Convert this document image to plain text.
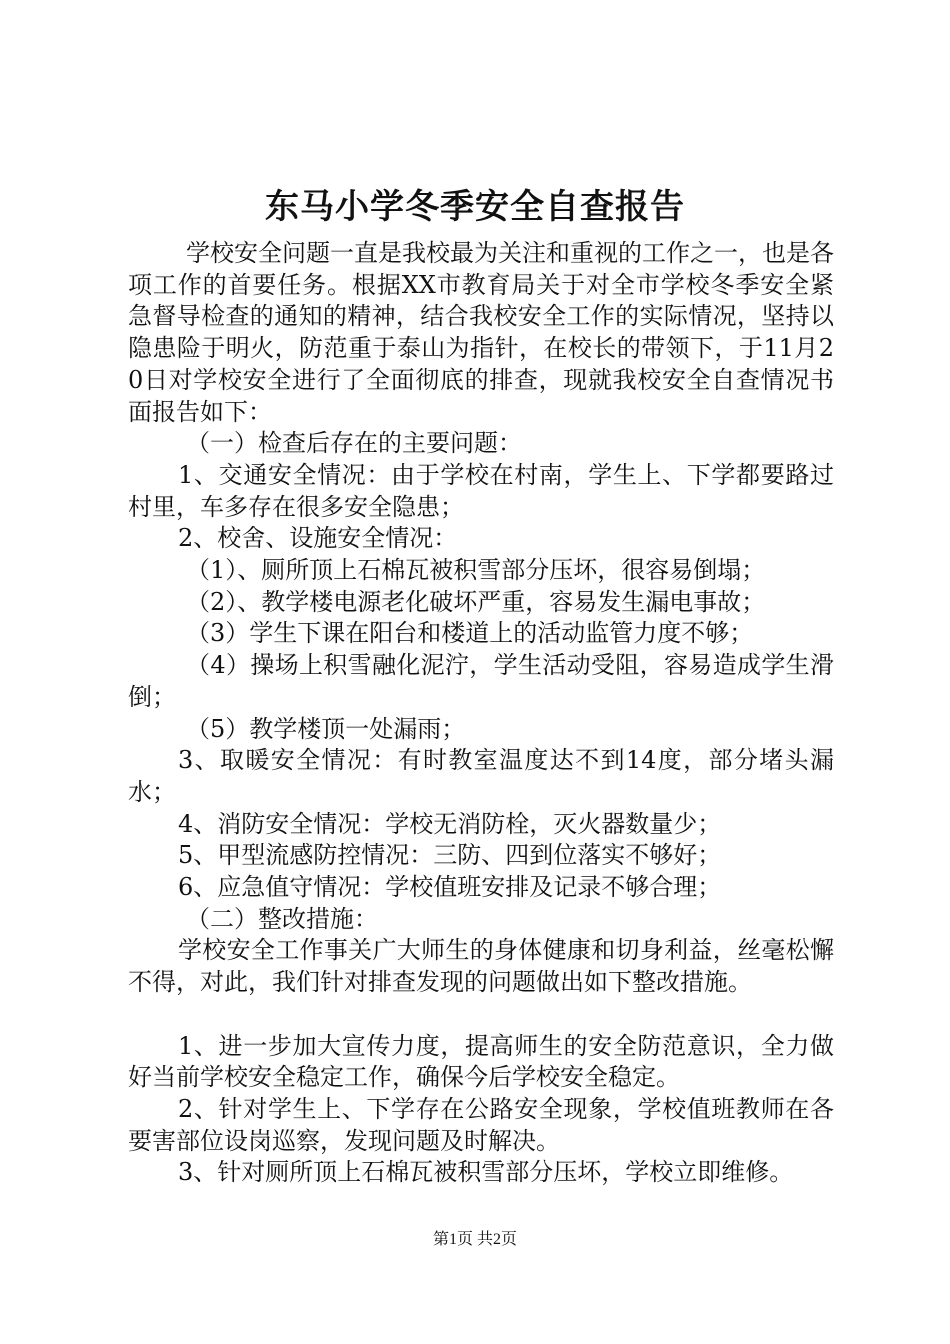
东马小学冬季安全自查报告

学校安全问题一直是我校最为关注和重视的工作之一，也是各项工作的首要任务。根据XX市教育局关于对全市学校冬季安全紧急督导检查的通知的精神，结合我校安全工作的实际情况，坚持以隐患险于明火，防范重于泰山为指针，在校长的带领下，于11月20日对学校安全进行了全面彻底的排查，现就我校安全自查情况书面报告如下：

（一）检查后存在的主要问题：

1、交通安全情况：由于学校在村南，学生上、下学都要路过村里，车多存在很多安全隐患；

2、校舍、设施安全情况：

（1）、厕所顶上石棉瓦被积雪部分压坏，很容易倒塌；

（2）、教学楼电源老化破坏严重，容易发生漏电事故；

（3）学生下课在阳台和楼道上的活动监管力度不够；

（4）操场上积雪融化泥泞，学生活动受阻，容易造成学生滑倒；

（5）教学楼顶一处漏雨；

3、取暖安全情况：有时教室温度达不到14度，部分堵头漏水；

4、消防安全情况：学校无消防栓，灭火器数量少；

5、甲型流感防控情况：三防、四到位落实不够好；

6、应急值守情况：学校值班安排及记录不够合理；

（二）整改措施：

学校安全工作事关广大师生的身体健康和切身利益，丝毫松懈不得，对此，我们针对排查发现的问题做出如下整改措施。

1、进一步加大宣传力度，提高师生的安全防范意识，全力做好当前学校安全稳定工作，确保今后学校安全稳定。

2、针对学生上、下学存在公路安全现象，学校值班教师在各要害部位设岗巡察，发现问题及时解决。

3、针对厕所顶上石棉瓦被积雪部分压坏，学校立即维修。

第1页 共2页
